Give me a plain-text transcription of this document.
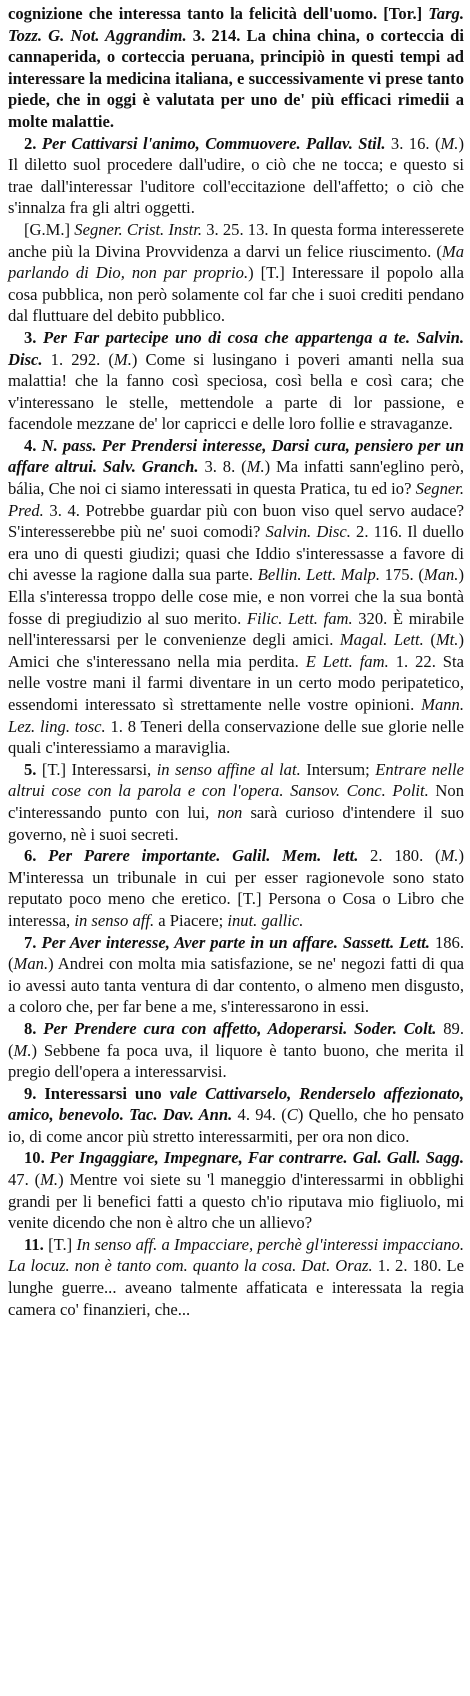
cognizione che interessa tanto la felicità dell'uomo. [Tor.] Targ. Tozz. G. Not. Aggrandim. 3. 214. La china china, o corteccia di cannaperida, o corteccia peruana, principiò in questi tempi ad interessare la medicina italiana, e successivamente vi prese tanto piede, che in oggi è valutata per uno de' più efficaci rimedii a molte malattie.

2. Per Cattivarsi l'animo, Commuovere. Pallav. Stil. 3. 16. (M.) Il diletto suol procedere dall'udire, o ciò che ne tocca; e questo si trae dall'interessar l'uditore coll'eccitazione dell'affetto; o ciò che s'innalza fra gli altri oggetti.

[G.M.] Segner. Crist. Instr. 3. 25. 13. In questa forma interesserete anche più la Divina Provvidenza a darvi un felice riuscimento. (Ma parlando di Dio, non par proprio.) [T.] Interessare il popolo alla cosa pubblica, non però solamente col far che i suoi crediti pendano dal fluttuare del debito pubblico.

3. Per Far partecipe uno di cosa che appartenga a te. Salvin. Disc. 1. 292. (M.) Come si lusingano i poveri amanti nella sua malattia! che la fanno così speciosa, così bella e così cara; che v'interessano le stelle, mettendole a parte di lor passione, e facendole mezzane de' lor capricci e delle loro follie e stravaganze.

4. N. pass. Per Prendersi interesse, Darsi cura, pensiero per un affare altrui. Salv. Granch. 3. 8. (M.) Ma infatti sann'eglino però, bália, Che noi ci siamo interessati in questa Pratica, tu ed io? Segner. Pred. 3. 4. Potrebbe guardar più con buon viso quel servo audace? S'interesserebbe più ne' suoi comodi? Salvin. Disc. 2. 116. Il duello era uno di questi giudizi; quasi che Iddio s'interessasse a favore di chi avesse la ragione dalla sua parte. Bellin. Lett. Malp. 175. (Man.) Ella s'interessa troppo delle cose mie, e non vorrei che la sua bontà fosse di pregiudizio al suo merito. Filic. Lett. fam. 320. È mirabile nell'interessarsi per le convenienze degli amici. Magal. Lett. (Mt.) Amici che s'interessano nella mia perdita. E Lett. fam. 1. 22. Sta nelle vostre mani il farmi diventare in un certo modo peripatetico, essendomi interessato sì strettamente nelle vostre opinioni. Mann. Lez. ling. tosc. 1. 8 Teneri della conservazione delle sue glorie nelle quali c'interessiamo a maraviglia.

5. [T.] Interessarsi, in senso affine al lat. Intersum; Entrare nelle altrui cose con la parola e con l'opera. Sansov. Conc. Polit. Non c'interessando punto con lui, non sarà curioso d'intendere il suo governo, nè i suoi secreti.

6. Per Parere importante. Galil. Mem. lett. 2. 180. (M.) M'interessa un tribunale in cui per esser ragionevole sono stato reputato poco meno che eretico. [T.] Persona o Cosa o Libro che interessa, in senso aff. a Piacere; inut. gallic.

7. Per Aver interesse, Aver parte in un affare. Sassett. Lett. 186. (Man.) Andrei con molta mia satisfazione, se ne' negozi fatti di qua io avessi auto tanta ventura di dar contento, o almeno men disgusto, a coloro che, per far bene a me, s'interessarono in essi.

8. Per Prendere cura con affetto, Adoperarsi. Soder. Colt. 89. (M.) Sebbene fa poca uva, il liquore è tanto buono, che merita il pregio dell'opera a interessarvisi.

9. Interessarsi uno vale Cattivarselo, Renderselo affezionato, amico, benevolo. Tac. Dav. Ann. 4. 94. (C) Quello, che ho pensato io, di come ancor più stretto interessarmiti, per ora non dico.

10. Per Ingaggiare, Impegnare, Far contrarre. Gal. Gall. Sagg. 47. (M.) Mentre voi siete su 'l maneggio d'interessarmi in obblighi grandi per li benefici fatti a questo ch'io riputava mio figliuolo, mi venite dicendo che non è altro che un allievo?

11. [T.] In senso aff. a Impacciare, perchè gl'interessi impacciano. La locuz. non è tanto com. quanto la cosa. Dat. Oraz. 1. 2. 180. Le lunghe guerre... aveano talmente affaticata e interessata la regia camera co' finanzieri, che...
